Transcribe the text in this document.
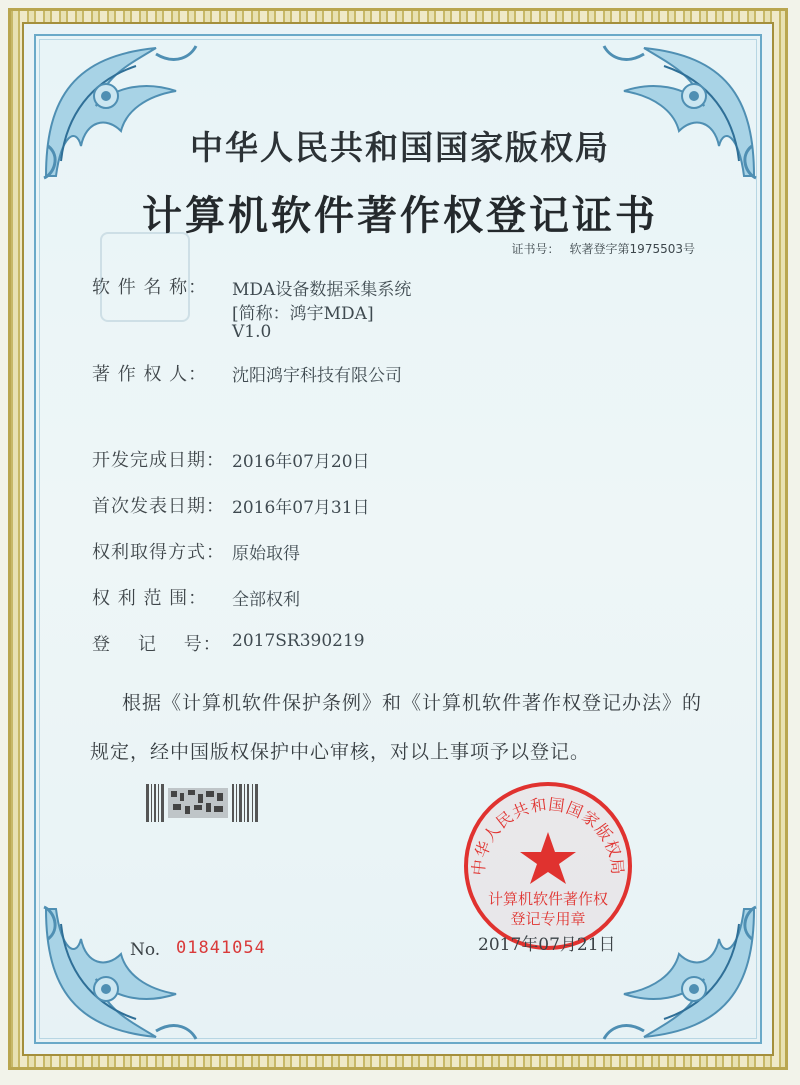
中华人民共和国国家版权局
计算机软件著作权登记证书
证书号： 软著登字第1975503号
软 件 名 称： MDA设备数据采集系统
[简称：鸿宇MDA]
V1.0
著 作 权 人： 沈阳鸿宇科技有限公司
开发完成日期： 2016年07月20日
首次发表日期： 2016年07月31日
权利取得方式： 原始取得
权 利 范 围： 全部权利
登    记    号： 2017SR390219
根据《计算机软件保护条例》和《计算机软件著作权登记办法》的
规定，经中国版权保护中心审核，对以上事项予以登记。
No. 01841054
中华人民共和国国家版权局
计算机软件著作权
登记专用章
2017年07月21日
